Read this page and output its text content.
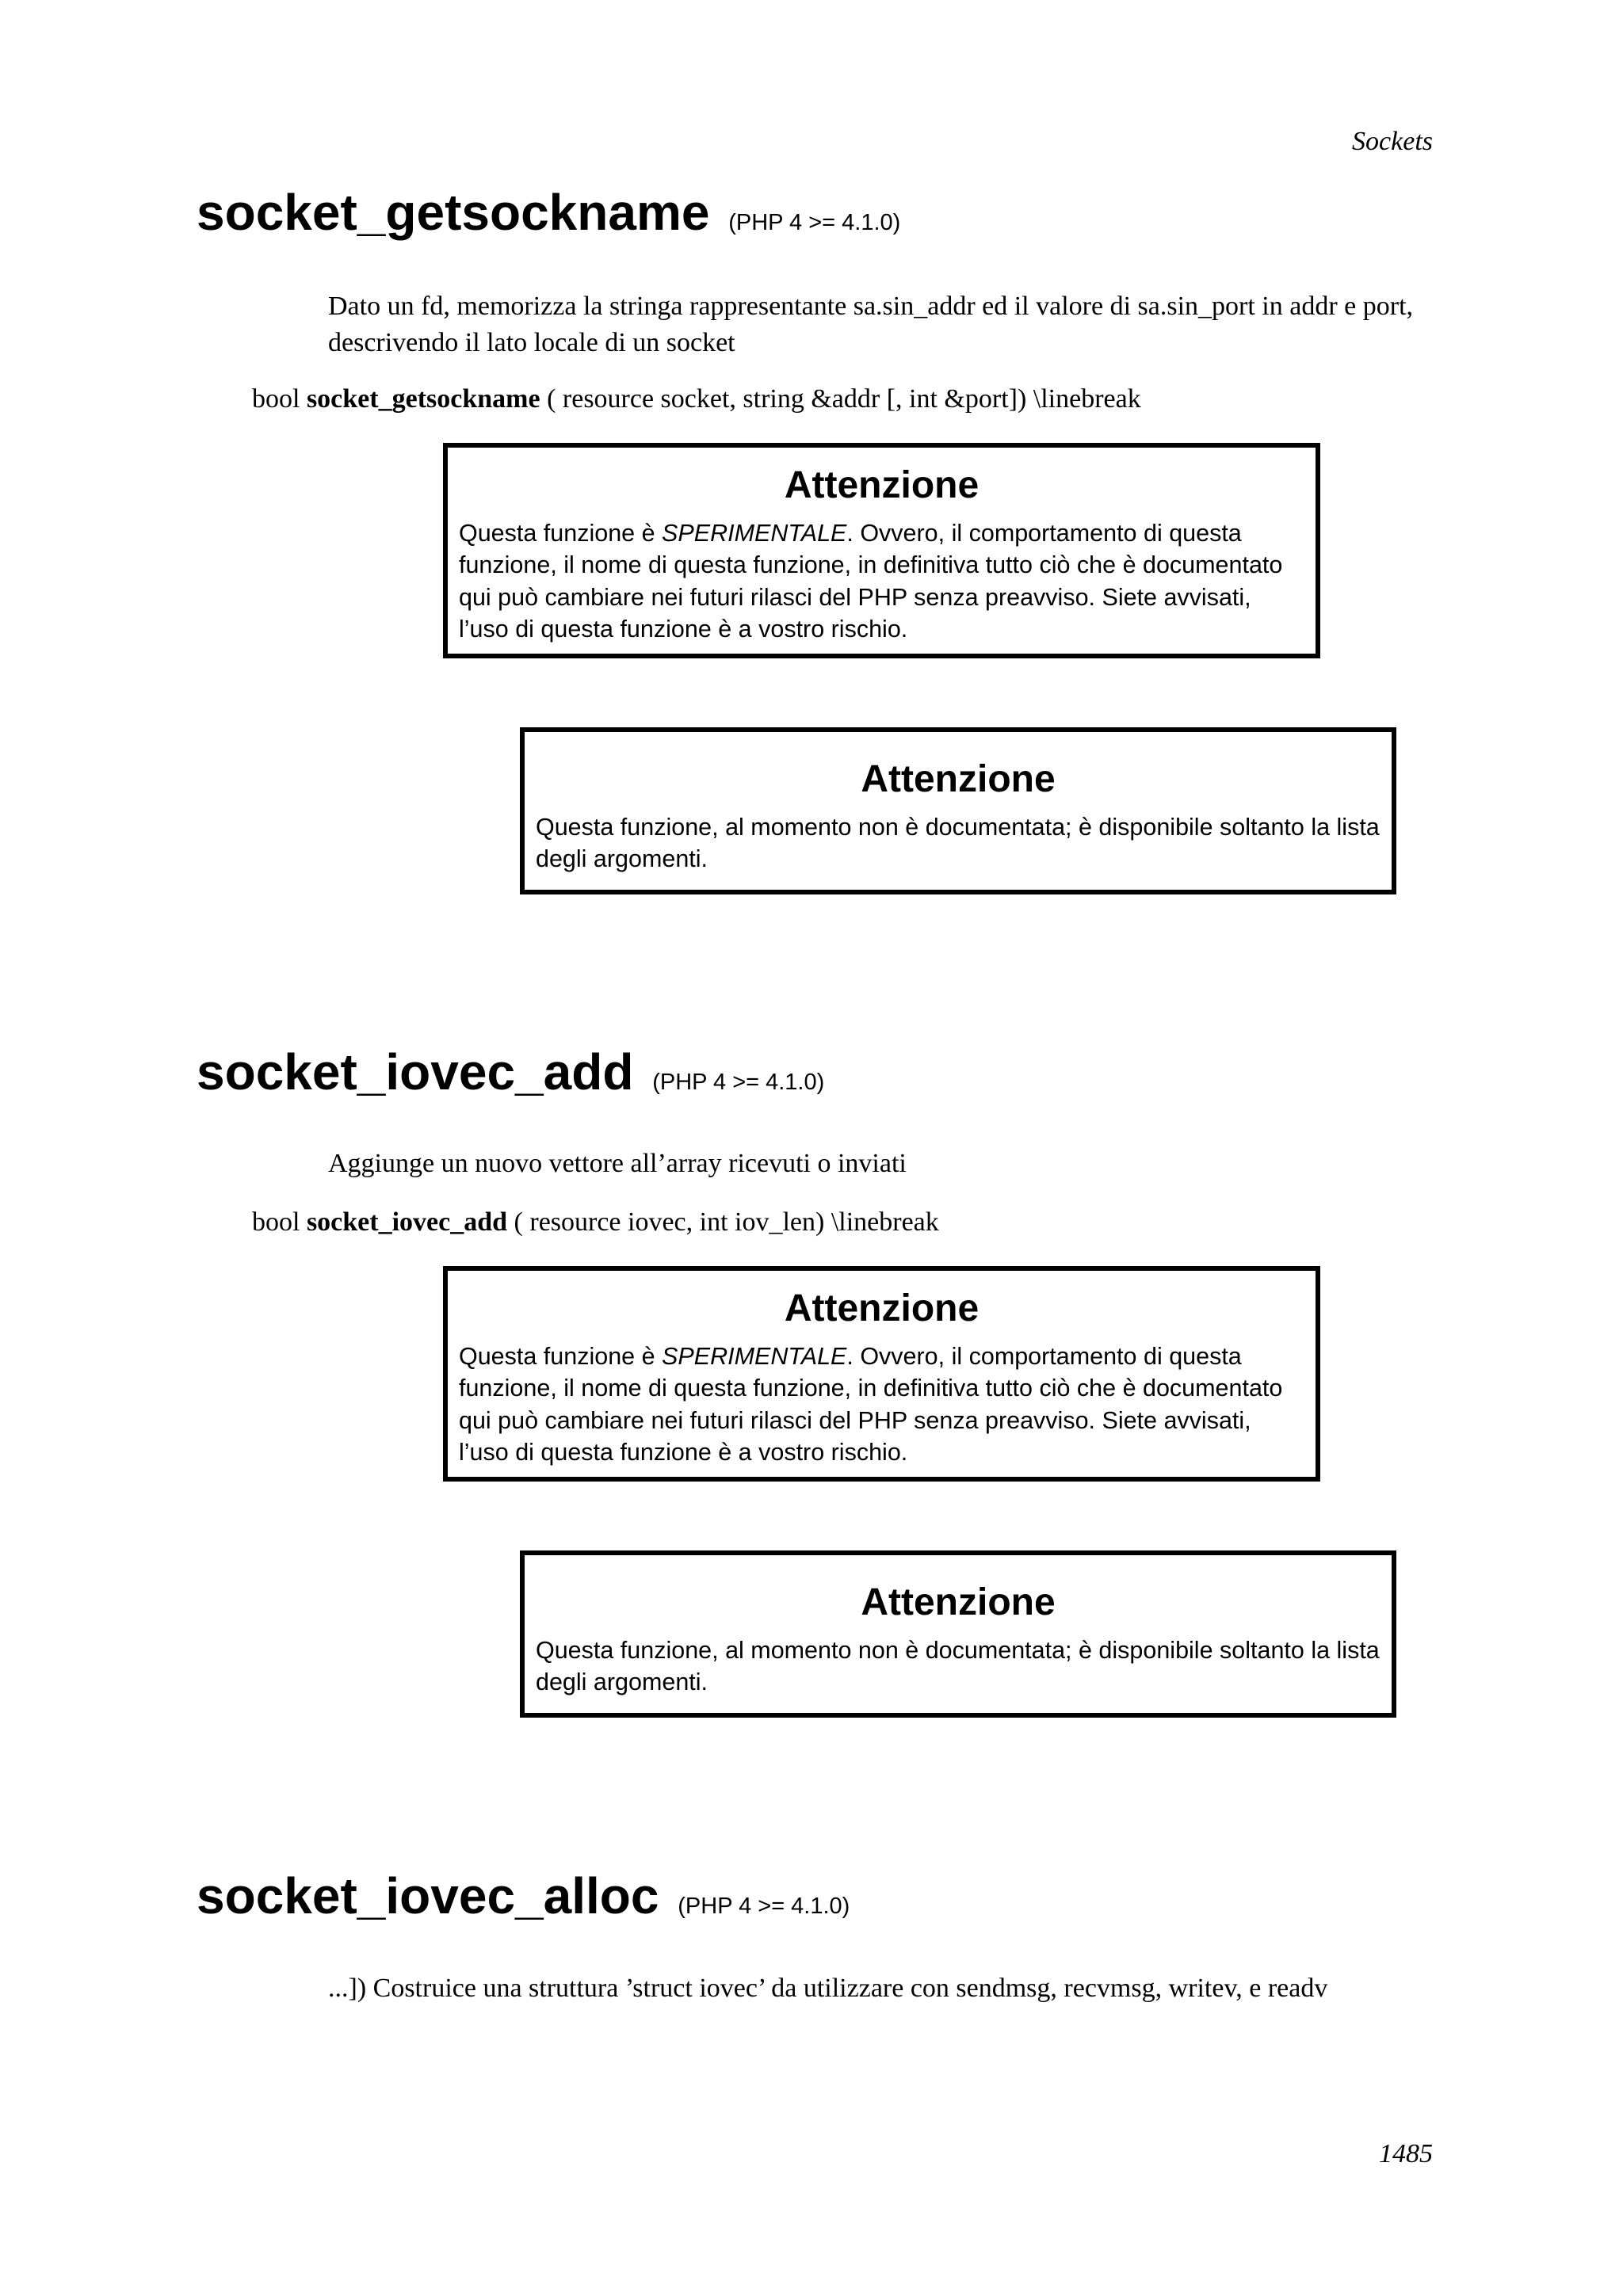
Sockets
socket_getsockname (PHP 4 >= 4.1.0)
Dato un fd, memorizza la stringa rappresentante sa.sin_addr ed il valore di sa.sin_port in addr e port, descrivendo il lato locale di un socket
bool socket_getsockname ( resource socket, string &addr [, int &port]) \linebreak
Attenzione
Questa funzione è SPERIMENTALE. Ovvero, il comportamento di questa funzione, il nome di questa funzione, in definitiva tutto ciò che è documentato qui può cambiare nei futuri rilasci del PHP senza preavviso. Siete avvisati, l’uso di questa funzione è a vostro rischio.
Attenzione
Questa funzione, al momento non è documentata; è disponibile soltanto la lista degli argomenti.
socket_iovec_add (PHP 4 >= 4.1.0)
Aggiunge un nuovo vettore all’array ricevuti o inviati
bool socket_iovec_add ( resource iovec, int iov_len) \linebreak
Attenzione
Questa funzione è SPERIMENTALE. Ovvero, il comportamento di questa funzione, il nome di questa funzione, in definitiva tutto ciò che è documentato qui può cambiare nei futuri rilasci del PHP senza preavviso. Siete avvisati, l’uso di questa funzione è a vostro rischio.
Attenzione
Questa funzione, al momento non è documentata; è disponibile soltanto la lista degli argomenti.
socket_iovec_alloc (PHP 4 >= 4.1.0)
...]) Costruice una struttura ’struct iovec’ da utilizzare con sendmsg, recvmsg, writev, e readv
1485
